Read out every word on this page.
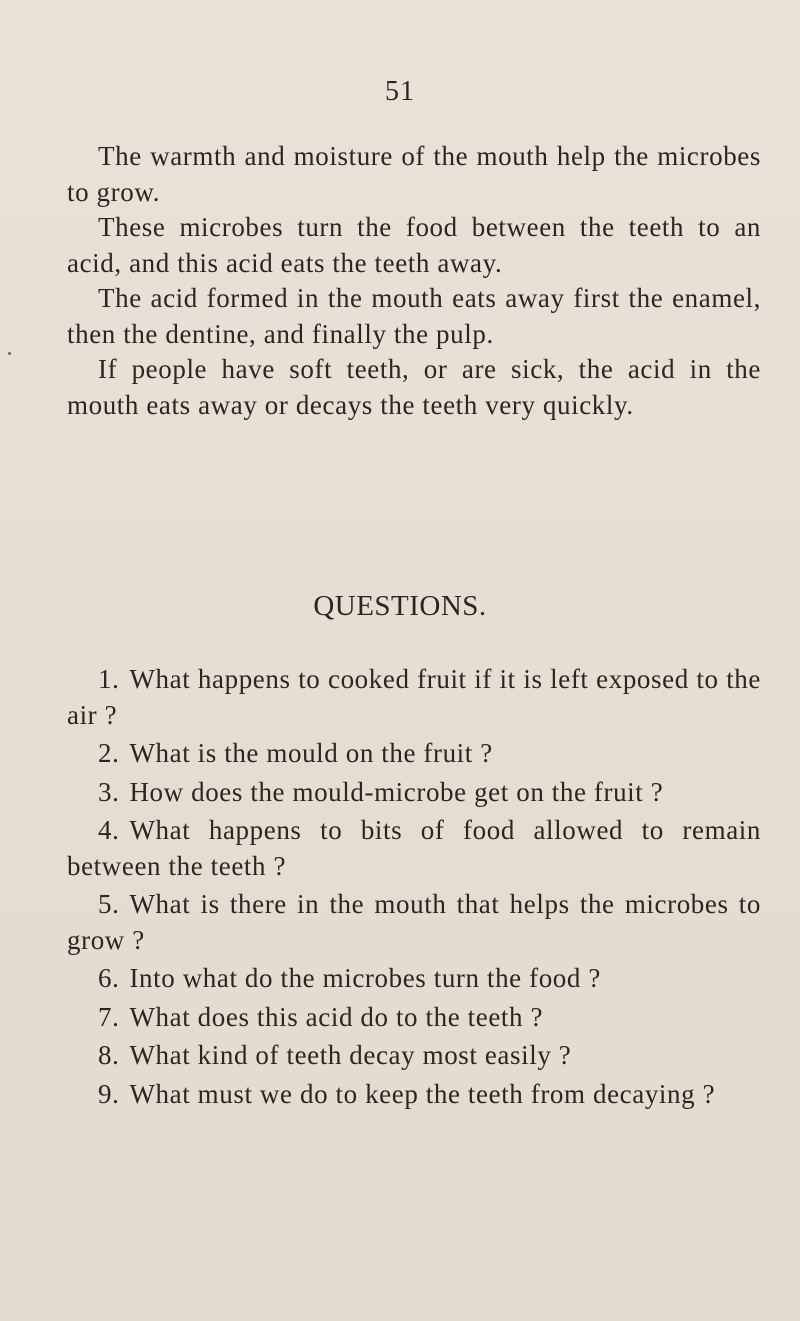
51

The warmth and moisture of the mouth help the microbes to grow.

These microbes turn the food between the teeth to an acid, and this acid eats the teeth away.

The acid formed in the mouth eats away first the enamel, then the dentine, and finally the pulp.

If people have soft teeth, or are sick, the acid in the mouth eats away or decays the teeth very quickly.

QUESTIONS.

1. What happens to cooked fruit if it is left exposed to the air ?

2. What is the mould on the fruit ?

3. How does the mould-microbe get on the fruit ?

4. What happens to bits of food allowed to remain between the teeth ?

5. What is there in the mouth that helps the microbes to grow ?

6. Into what do the microbes turn the food ?

7. What does this acid do to the teeth ?

8. What kind of teeth decay most easily ?

9. What must we do to keep the teeth from decaying ?
